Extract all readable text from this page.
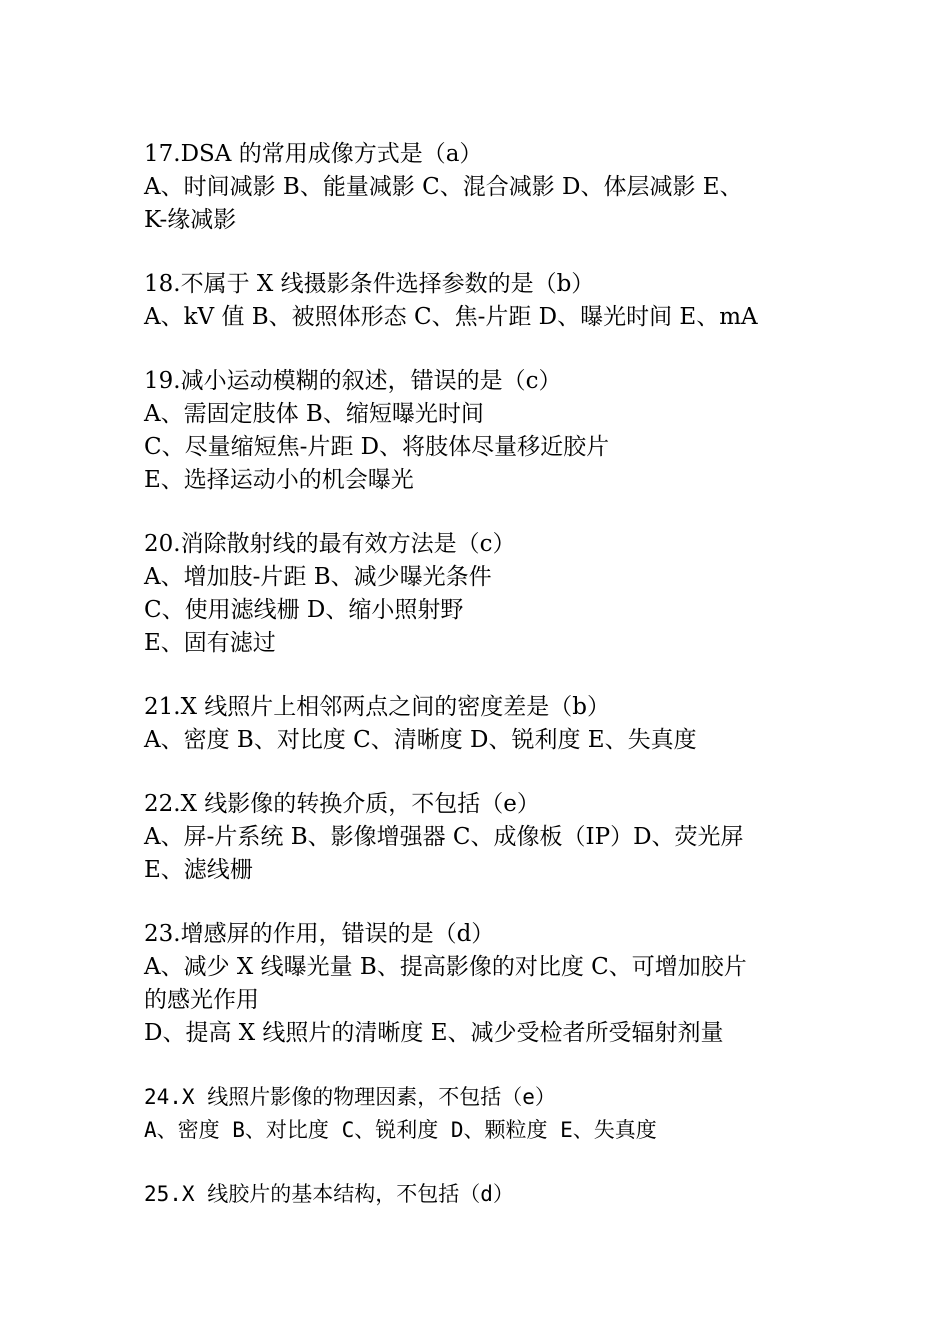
17.DSA 的常用成像方式是（a）
A、时间减影 B、能量减影 C、混合减影 D、体层减影 E、
K-缘减影
18.不属于 X 线摄影条件选择参数的是（b）
A、kV 值 B、被照体形态 C、焦-片距 D、曝光时间 E、mA
19.减小运动模糊的叙述，错误的是（c）
A、需固定肢体 B、缩短曝光时间
C、尽量缩短焦-片距 D、将肢体尽量移近胶片
E、选择运动小的机会曝光
20.消除散射线的最有效方法是（c）
A、增加肢-片距 B、减少曝光条件
C、使用滤线栅 D、缩小照射野
E、固有滤过
21.X 线照片上相邻两点之间的密度差是（b）
A、密度 B、对比度 C、清晰度 D、锐利度 E、失真度
22.X 线影像的转换介质，不包括（e）
A、屏-片系统 B、影像增强器 C、成像板（IP）D、荧光屏
E、滤线栅
23.增感屏的作用，错误的是（d）
A、减少 X 线曝光量 B、提高影像的对比度 C、可增加胶片
的感光作用
D、提高 X 线照片的清晰度 E、减少受检者所受辐射剂量
24.X 线照片影像的物理因素，不包括（e）
A、密度 B、对比度 C、锐利度 D、颗粒度 E、失真度
25.X 线胶片的基本结构，不包括（d）
